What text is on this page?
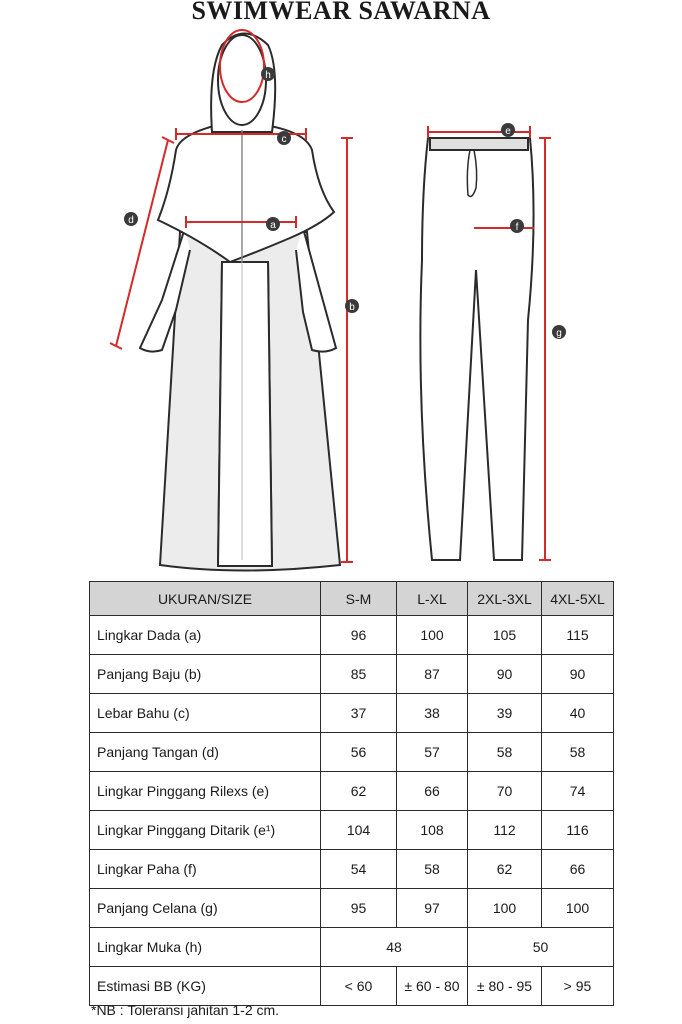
SWIMWEAR SAWARNA
h
c
a
d
b
e
f
g
UKURAN/SIZE	S-M	L-XL	2XL-3XL	4XL-5XL
Lingkar Dada (a)	96	100	105	115
Panjang Baju (b)	85	87	90	90
Lebar Bahu (c)	37	38	39	40
Panjang Tangan (d)	56	57	58	58
Lingkar Pinggang Rilexs (e)	62	66	70	74
Lingkar Pinggang Ditarik (e¹)	104	108	112	116
Lingkar Paha (f)	54	58	62	66
Panjang Celana (g)	95	97	100	100
Lingkar Muka (h)	48		50	
Estimasi BB (KG)	< 60	± 60 - 80	± 80 - 95	> 95
*NB : Toleransi jahitan 1-2 cm.
